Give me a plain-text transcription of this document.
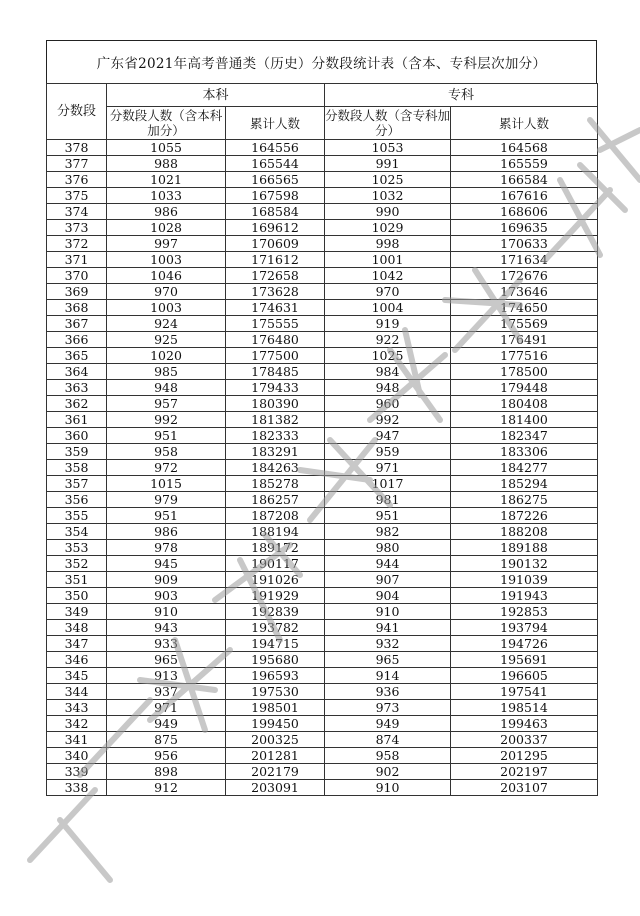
广东省2021年高考普通类（历史）分数段统计表（含本、专科层次加分）
分数段	本科		专科	
	分数段人数（含本科加分）	累计人数	分数段人数（含专科加分）	累计人数
378	1055	164556	1053	164568
377	988	165544	991	165559
376	1021	166565	1025	166584
375	1033	167598	1032	167616
374	986	168584	990	168606
373	1028	169612	1029	169635
372	997	170609	998	170633
371	1003	171612	1001	171634
370	1046	172658	1042	172676
369	970	173628	970	173646
368	1003	174631	1004	174650
367	924	175555	919	175569
366	925	176480	922	176491
365	1020	177500	1025	177516
364	985	178485	984	178500
363	948	179433	948	179448
362	957	180390	960	180408
361	992	181382	992	181400
360	951	182333	947	182347
359	958	183291	959	183306
358	972	184263	971	184277
357	1015	185278	1017	185294
356	979	186257	981	186275
355	951	187208	951	187226
354	986	188194	982	188208
353	978	189172	980	189188
352	945	190117	944	190132
351	909	191026	907	191039
350	903	191929	904	191943
349	910	192839	910	192853
348	943	193782	941	193794
347	933	194715	932	194726
346	965	195680	965	195691
345	913	196593	914	196605
344	937	197530	936	197541
343	971	198501	973	198514
342	949	199450	949	199463
341	875	200325	874	200337
340	956	201281	958	201295
339	898	202179	902	202197
338	912	203091	910	203107
